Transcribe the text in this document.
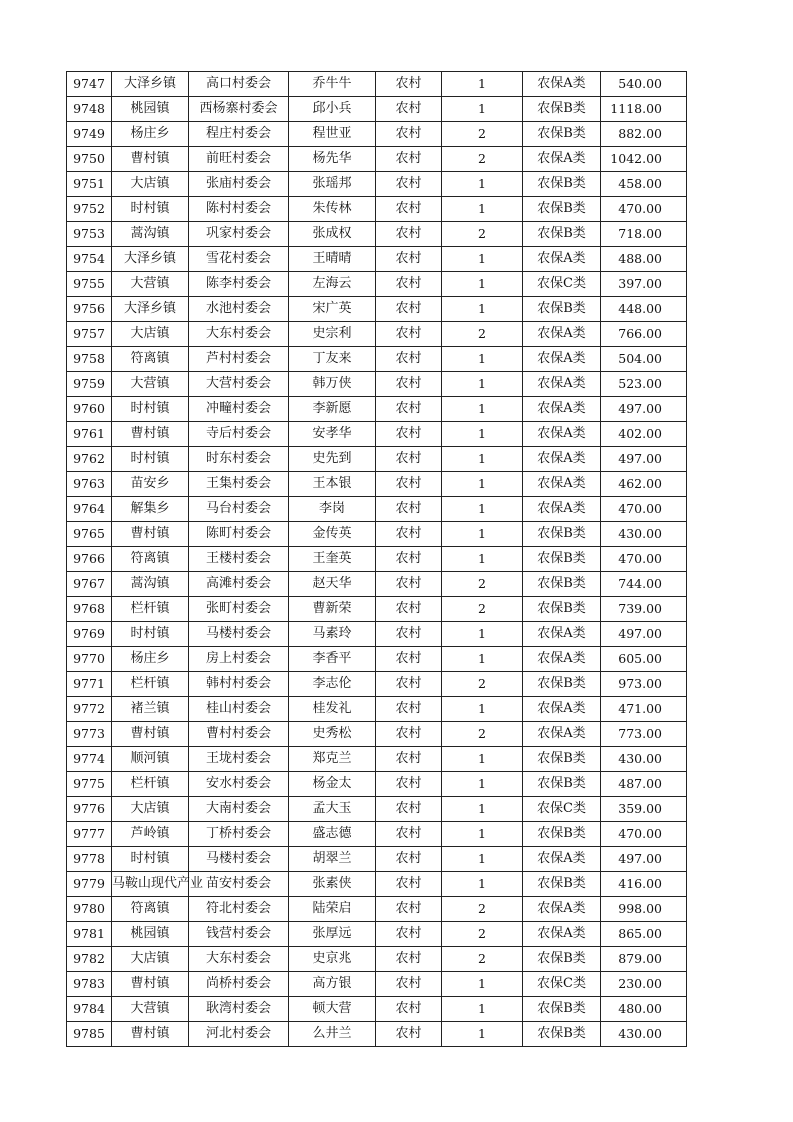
9747	大泽乡镇	高口村委会	乔牛牛	农村	1	农保A类	540.00
9748	桃园镇	西杨寨村委会	邱小兵	农村	1	农保B类	1118.00
9749	杨庄乡	程庄村委会	程世亚	农村	2	农保B类	882.00
9750	曹村镇	前旺村委会	杨先华	农村	2	农保A类	1042.00
9751	大店镇	张庙村委会	张瑶邦	农村	1	农保B类	458.00
9752	时村镇	陈村村委会	朱传林	农村	1	农保B类	470.00
9753	蒿沟镇	巩家村委会	张成权	农村	2	农保B类	718.00
9754	大泽乡镇	雪花村委会	王晴晴	农村	1	农保A类	488.00
9755	大营镇	陈李村委会	左海云	农村	1	农保C类	397.00
9756	大泽乡镇	水池村委会	宋广英	农村	1	农保B类	448.00
9757	大店镇	大东村委会	史宗利	农村	2	农保A类	766.00
9758	符离镇	芦村村委会	丁友来	农村	1	农保A类	504.00
9759	大营镇	大营村委会	韩万侠	农村	1	农保A类	523.00
9760	时村镇	冲疃村委会	李新愿	农村	1	农保A类	497.00
9761	曹村镇	寺后村委会	安孝华	农村	1	农保A类	402.00
9762	时村镇	时东村委会	史先到	农村	1	农保A类	497.00
9763	苗安乡	王集村委会	王本银	农村	1	农保A类	462.00
9764	解集乡	马台村委会	李岗	农村	1	农保A类	470.00
9765	曹村镇	陈町村委会	金传英	农村	1	农保B类	430.00
9766	符离镇	王楼村委会	王奎英	农村	1	农保B类	470.00
9767	蒿沟镇	高滩村委会	赵天华	农村	2	农保B类	744.00
9768	栏杆镇	张町村委会	曹新荣	农村	2	农保B类	739.00
9769	时村镇	马楼村委会	马素玲	农村	1	农保A类	497.00
9770	杨庄乡	房上村委会	李香平	农村	1	农保A类	605.00
9771	栏杆镇	韩村村委会	李志伦	农村	2	农保B类	973.00
9772	褚兰镇	桂山村委会	桂发礼	农村	1	农保A类	471.00
9773	曹村镇	曹村村委会	史秀松	农村	2	农保A类	773.00
9774	顺河镇	王垅村委会	郑克兰	农村	1	农保B类	430.00
9775	栏杆镇	安水村委会	杨金太	农村	1	农保B类	487.00
9776	大店镇	大南村委会	孟大玉	农村	1	农保C类	359.00
9777	芦岭镇	丁桥村委会	盛志德	农村	1	农保B类	470.00
9778	时村镇	马楼村委会	胡翠兰	农村	1	农保A类	497.00
9779	马鞍山现代产业	苗安村委会	张素侠	农村	1	农保B类	416.00
9780	符离镇	符北村委会	陆荣启	农村	2	农保A类	998.00
9781	桃园镇	钱营村委会	张厚远	农村	2	农保A类	865.00
9782	大店镇	大东村委会	史京兆	农村	2	农保B类	879.00
9783	曹村镇	尚桥村委会	高方银	农村	1	农保C类	230.00
9784	大营镇	耿湾村委会	顿大营	农村	1	农保B类	480.00
9785	曹村镇	河北村委会	么井兰	农村	1	农保B类	430.00
